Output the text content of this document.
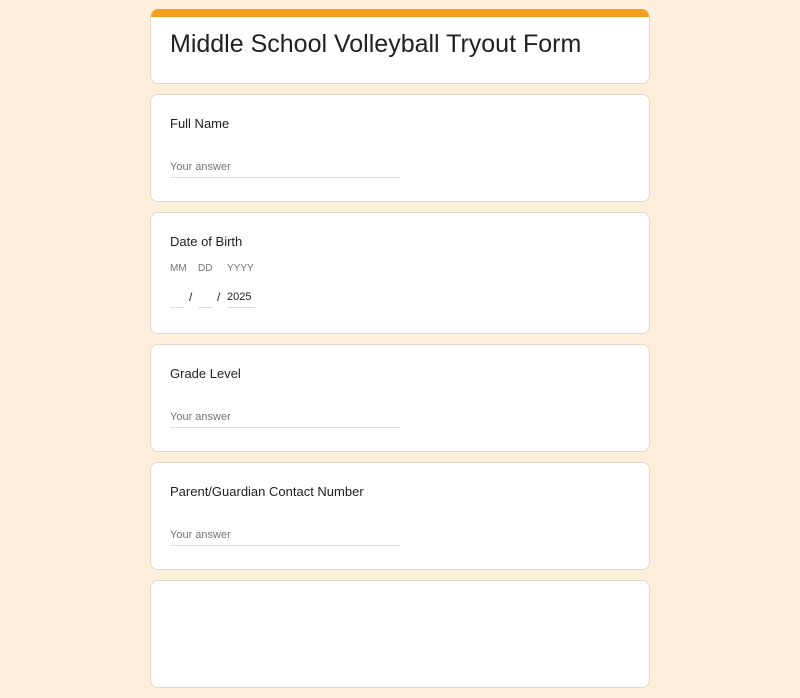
Middle School Volleyball Tryout Form
Full Name
Your answer
Date of Birth
MM DD YYYY
/ /
2025
Grade Level
Your answer
Parent/Guardian Contact Number
Your answer
